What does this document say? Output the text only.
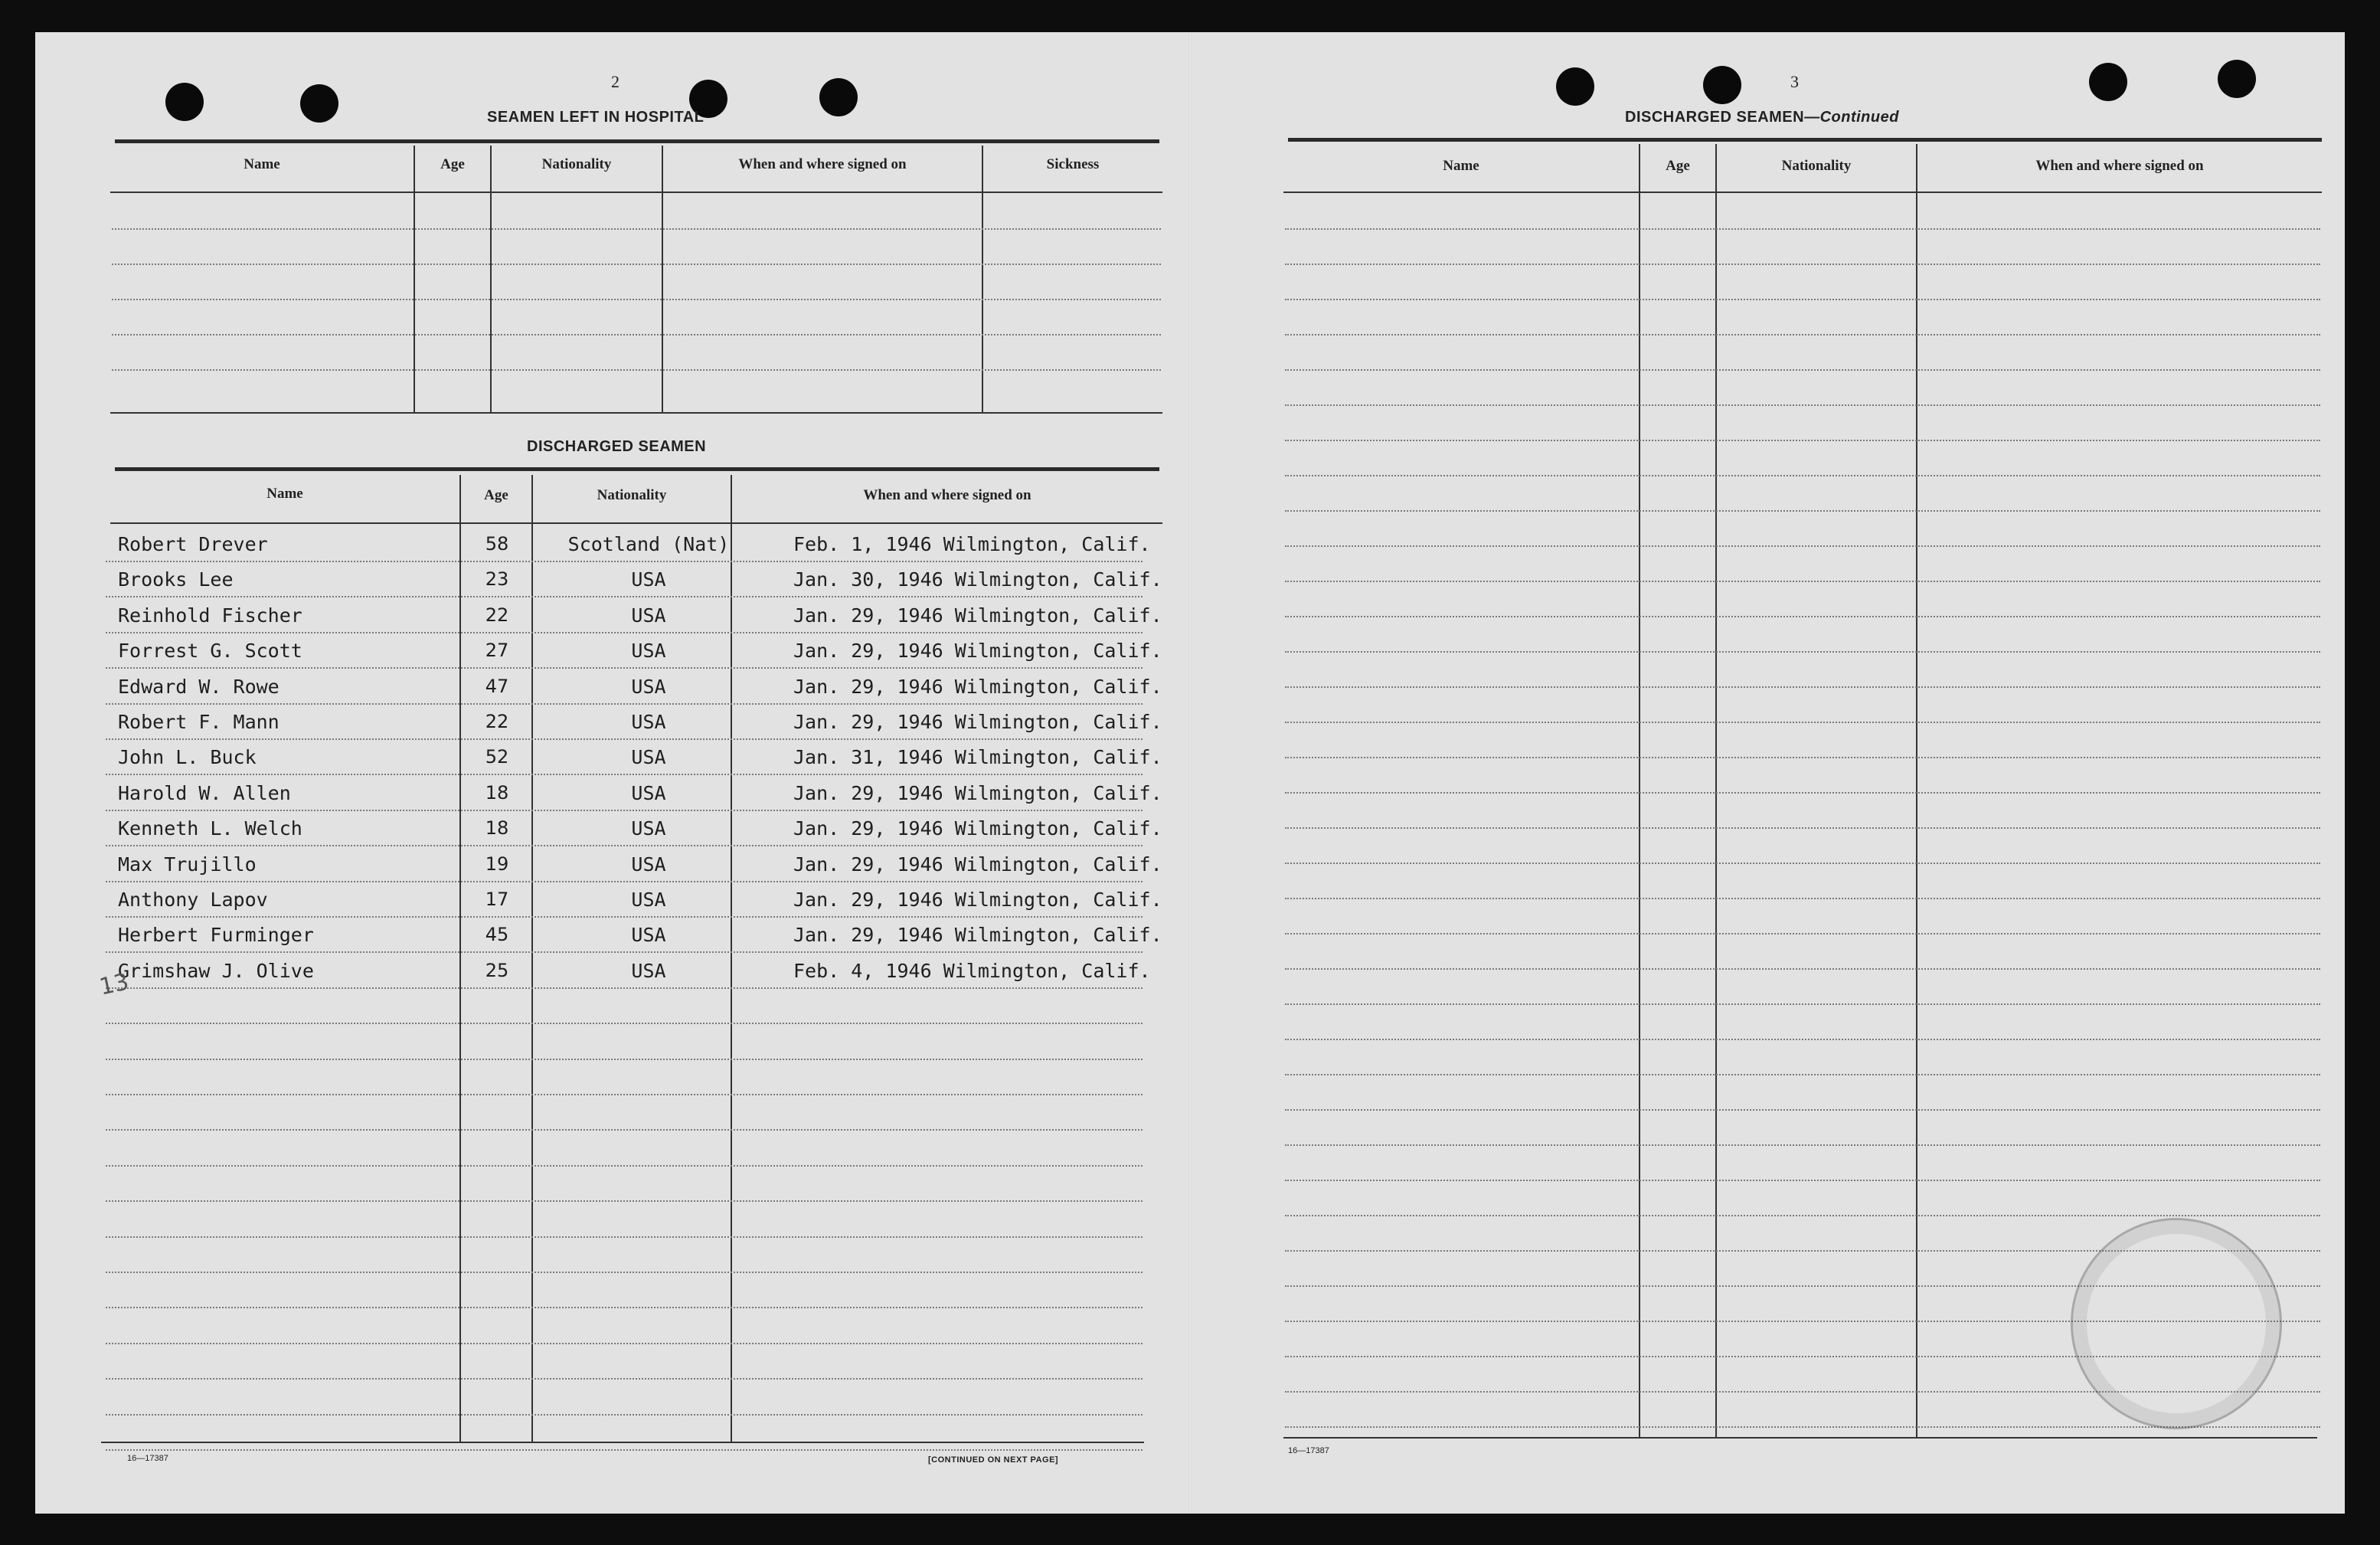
2
SEAMEN LEFT IN HOSPITAL
Name	Age	Nationality	When and where signed on	Sickness
DISCHARGED SEAMEN
Name	Age	Nationality	When and where signed on
Robert Drever	58	Scotland (Nat)	Feb. 1, 1946 Wilmington, Calif.
Brooks Lee	23	USA	Jan. 30, 1946 Wilmington, Calif.
Reinhold Fischer	22	USA	Jan. 29, 1946 Wilmington, Calif.
Forrest G. Scott	27	USA	Jan. 29, 1946 Wilmington, Calif.
Edward W. Rowe	47	USA	Jan. 29, 1946 Wilmington, Calif.
Robert F. Mann	22	USA	Jan. 29, 1946 Wilmington, Calif.
John L. Buck	52	USA	Jan. 31, 1946 Wilmington, Calif.
Harold W. Allen	18	USA	Jan. 29, 1946 Wilmington, Calif.
Kenneth L. Welch	18	USA	Jan. 29, 1946 Wilmington, Calif.
Max Trujillo	19	USA	Jan. 29, 1946 Wilmington, Calif.
Anthony Lapov	17	USA	Jan. 29, 1946 Wilmington, Calif.
Herbert Furminger	45	USA	Jan. 29, 1946 Wilmington, Calif.
Grimshaw J. Olive	25	USA	Feb. 4, 1946 Wilmington, Calif.
13
16—17387	[CONTINUED ON NEXT PAGE]
3
DISCHARGED SEAMEN—Continued
Name	Age	Nationality	When and where signed on
16—17387
